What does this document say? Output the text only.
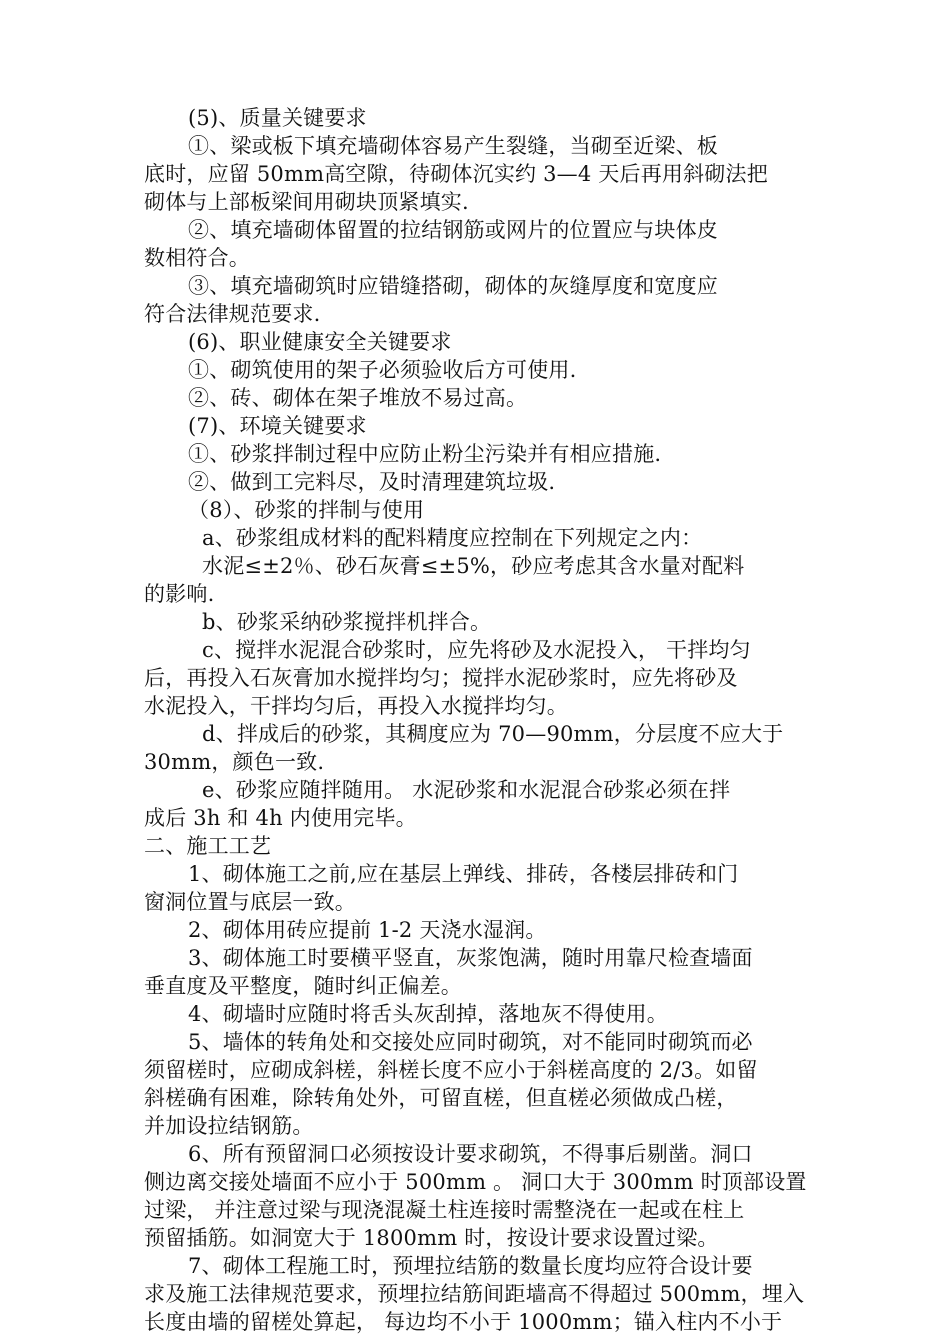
(5)、质量关键要求
①、梁或板下填充墙砌体容易产生裂缝，当砌至近梁、板
底时，应留 50mm高空隙，待砌体沉实约 3—4 天后再用斜砌法把
砌体与上部板梁间用砌块顶紧填实.
②、填充墙砌体留置的拉结钢筋或网片的位置应与块体皮
数相符合。
③、填充墙砌筑时应错缝搭砌，砌体的灰缝厚度和宽度应
符合法律规范要求.
(6)、职业健康安全关键要求
①、砌筑使用的架子必须验收后方可使用.
②、砖、砌体在架子堆放不易过高。
(7)、环境关键要求
①、砂浆拌制过程中应防止粉尘污染并有相应措施.
②、做到工完料尽，及时清理建筑垃圾.
（8）、砂浆的拌制与使用
a、砂浆组成材料的配料精度应控制在下列规定之内：
水泥≤±2％、砂石灰膏≤±5%，砂应考虑其含水量对配料
的影响.
b、砂浆采纳砂浆搅拌机拌合。
c、搅拌水泥混合砂浆时，应先将砂及水泥投入， 干拌均匀
后，再投入石灰膏加水搅拌均匀；搅拌水泥砂浆时，应先将砂及
水泥投入，干拌均匀后，再投入水搅拌均匀。
d、拌成后的砂浆，其稠度应为 70—90mm，分层度不应大于
30mm，颜色一致.
e、砂浆应随拌随用。 水泥砂浆和水泥混合砂浆必须在拌
成后 3h 和 4h 内使用完毕。
二、施工工艺
1、砌体施工之前,应在基层上弹线、排砖，各楼层排砖和门
窗洞位置与底层一致。
2、砌体用砖应提前 1-2 天浇水湿润。
3、砌体施工时要横平竖直，灰浆饱满，随时用靠尺检查墙面
垂直度及平整度，随时纠正偏差。
4、砌墙时应随时将舌头灰刮掉，落地灰不得使用。
5、墙体的转角处和交接处应同时砌筑，对不能同时砌筑而必
须留槎时，应砌成斜槎，斜槎长度不应小于斜槎高度的 2/3。如留
斜槎确有困难，除转角处外，可留直槎，但直槎必须做成凸槎，
并加设拉结钢筋。
6、所有预留洞口必须按设计要求砌筑，不得事后剔凿。洞口
侧边离交接处墙面不应小于 500mm 。 洞口大于 300mm 时顶部设置
过梁， 并注意过梁与现浇混凝土柱连接时需整浇在一起或在柱上
预留插筋。如洞宽大于 1800mm 时，按设计要求设置过梁。
7、砌体工程施工时，预埋拉结筋的数量长度均应符合设计要
求及施工法律规范要求，预埋拉结筋间距墙高不得超过 500mm，埋入
长度由墙的留槎处算起， 每边均不小于 1000mm；锚入柱内不小于
